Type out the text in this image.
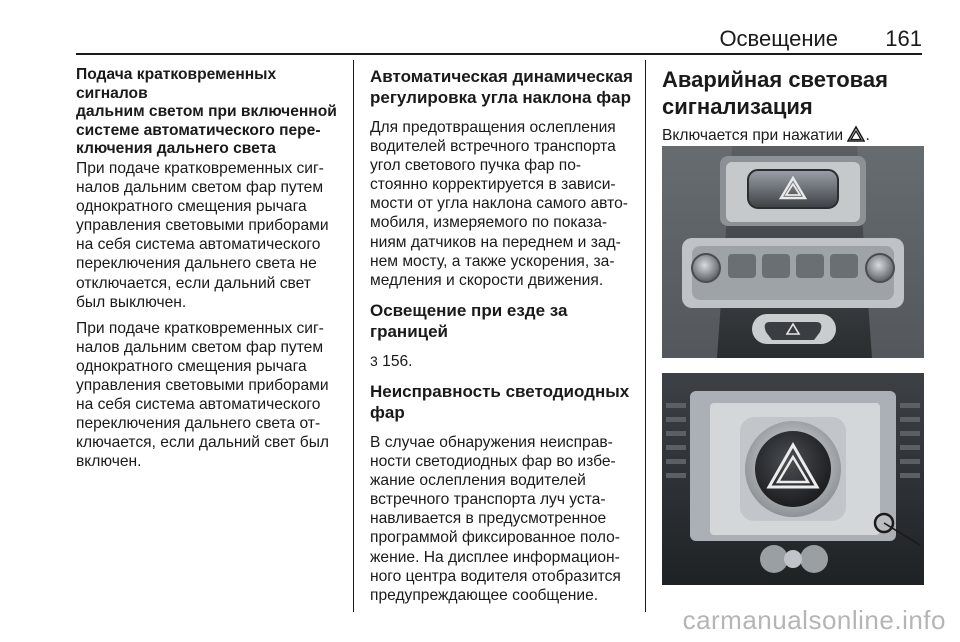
Освещение 161
Подача кратковременных сигналов
дальним светом при включенной
системе автоматического пере-
ключения дальнего света
При подаче кратковременных сиг-
налов дальним светом фар путем
однократного смещения рычага
управления световыми приборами
на себя система автоматического
переключения дальнего света не
отключается, если дальний свет
был выключен.
При подаче кратковременных сиг-
налов дальним светом фар путем
однократного смещения рычага
управления световыми приборами
на себя система автоматического
переключения дальнего света от-
ключается, если дальний свет был
включен.
Автоматическая динамическая
регулировка угла наклона фар
Для предотвращения ослепления
водителей встречного транспорта
угол светового пучка фар по-
стоянно корректируется в зависи-
мости от угла наклона самого авто-
мобиля, измеряемого по показа-
ниям датчиков на переднем и зад-
нем мосту, а также ускорения, за-
медления и скорости движения.
Освещение при езде за
границей
3 156.
Неисправность светодиодных
фар
В случае обнаружения неисправ-
ности светодиодных фар во избе-
жание ослепления водителей
встречного транспорта луч уста-
навливается в предусмотренное
программой фиксированное поло-
жение. На дисплее информацион-
ного центра водителя отобразится
предупреждающее сообщение.
Аварийная световая
сигнализация
Включается при нажатии .
carmanualsonline.info
